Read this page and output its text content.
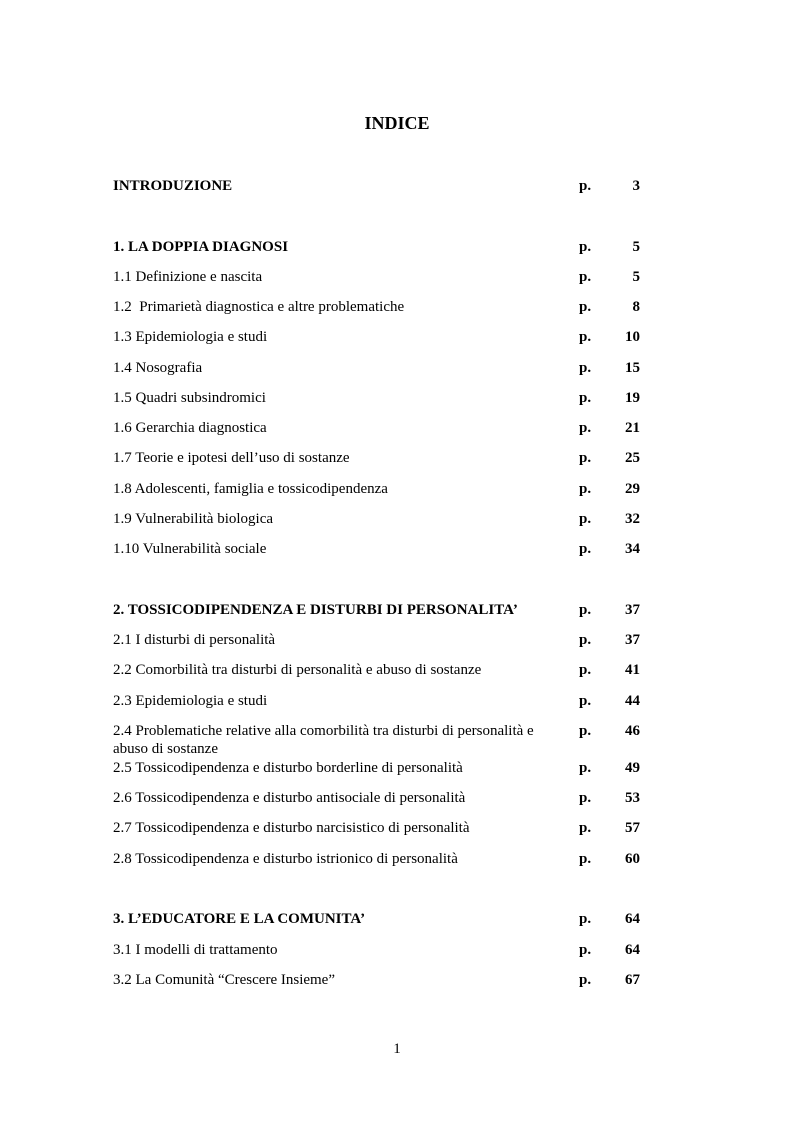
INDICE
INTRODUZIONE	p.	3
1. LA DOPPIA DIAGNOSI	p.	5
1.1 Definizione e nascita	p.	5
1.2  Primarietà diagnostica e altre problematiche	p.	8
1.3 Epidemiologia e studi	p. 10
1.4 Nosografia	p. 15
1.5 Quadri subsindromici	p. 19
1.6 Gerarchia diagnostica	p. 21
1.7 Teorie e ipotesi dell’uso di sostanze	p. 25
1.8 Adolescenti, famiglia e tossicodipendenza	p. 29
1.9 Vulnerabilità biologica	p. 32
1.10 Vulnerabilità sociale	p. 34
2. TOSSICODIPENDENZA E DISTURBI DI PERSONALITA’	p. 37
2.1 I disturbi di personalità	p. 37
2.2 Comorbilità tra disturbi di personalità e abuso di sostanze	p. 41
2.3 Epidemiologia e studi	p. 44
2.4 Problematiche relative alla comorbilità tra disturbi di personalità e abuso di sostanze
p. 46
2.5 Tossicodipendenza e disturbo borderline di personalità	p. 49
2.6 Tossicodipendenza e disturbo antisociale di personalità	p. 53
2.7 Tossicodipendenza e disturbo narcisistico di personalità	p. 57
2.8 Tossicodipendenza e disturbo istrionico di personalità	p. 60
3. L’EDUCATORE E LA COMUNITA’	p. 64
3.1 I modelli di trattamento	p. 64
3.2 La Comunità “Crescere Insieme”	p. 67
1
